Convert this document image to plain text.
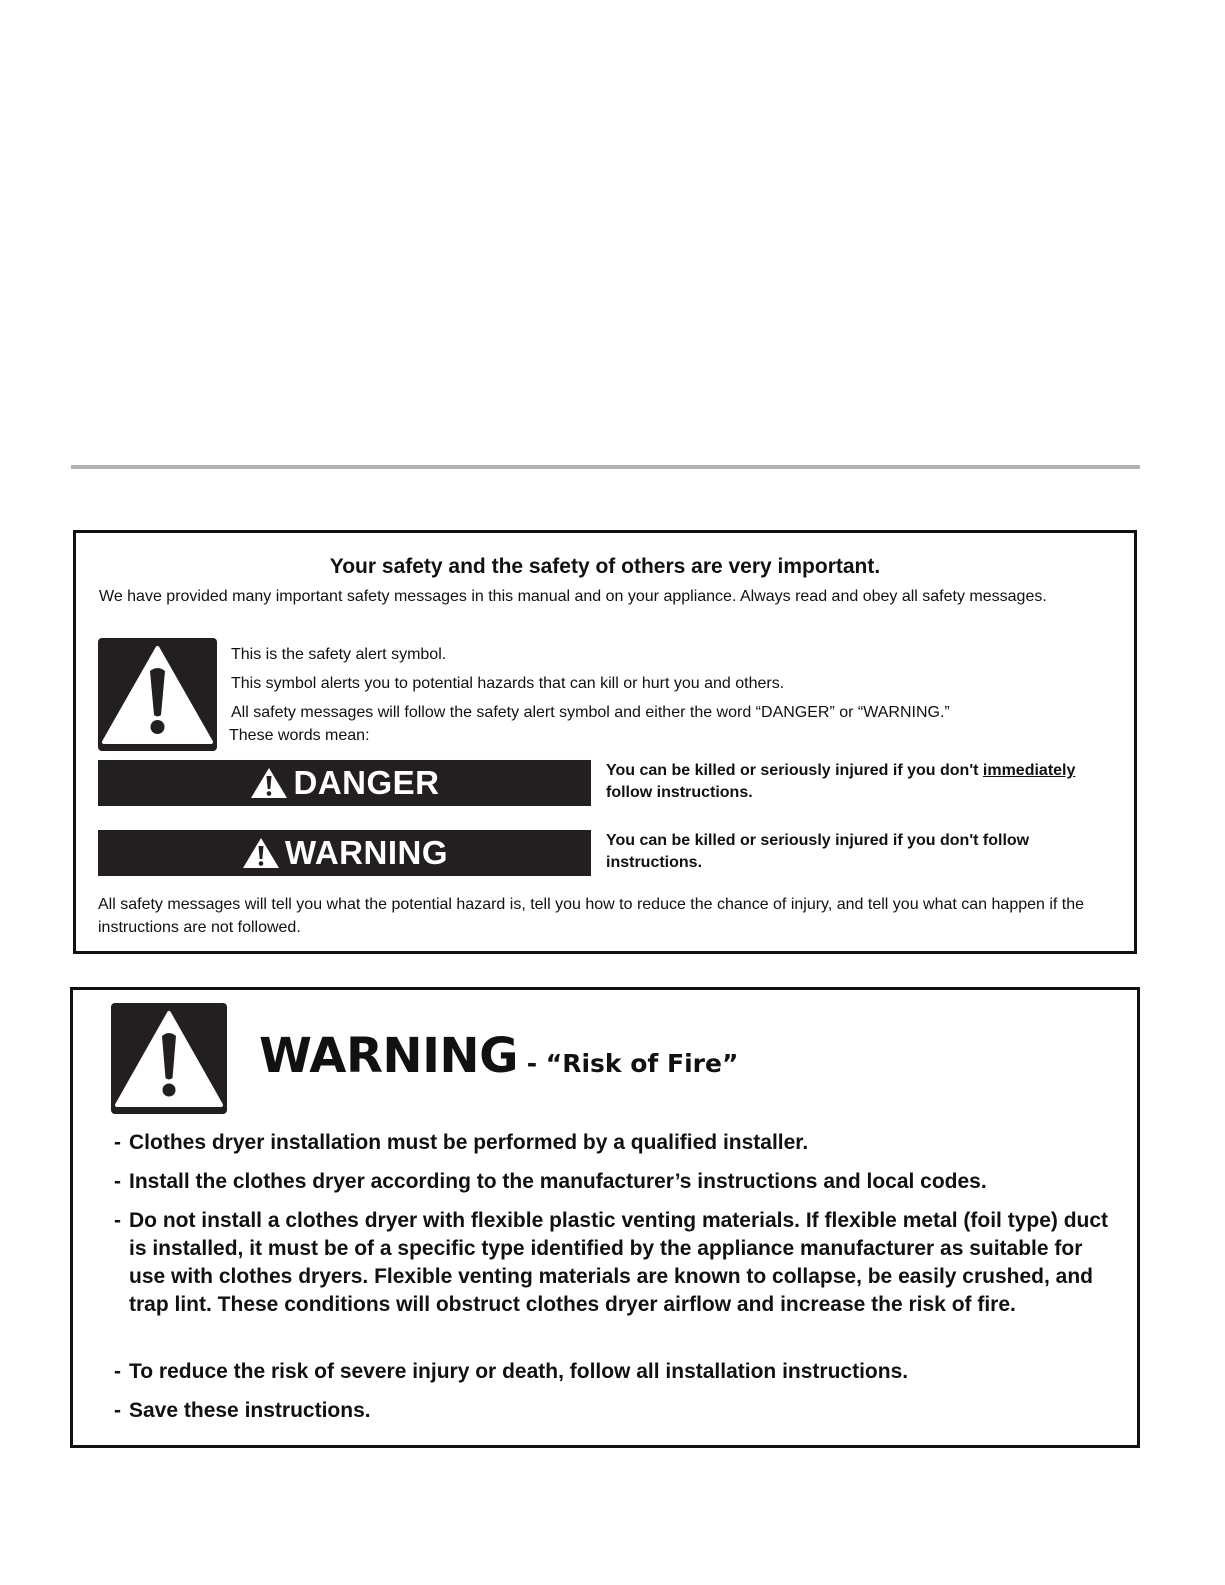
Your safety and the safety of others are very important.
We have provided many important safety messages in this manual and on your appliance. Always read and obey all safety messages.
This is the safety alert symbol.
This symbol alerts you to potential hazards that can kill or hurt you and others.
All safety messages will follow the safety alert symbol and either the word “DANGER” or “WARNING.”
These words mean:
DANGER	You can be killed or seriously injured if you don't immediately follow instructions.
WARNING	You can be killed or seriously injured if you don't follow instructions.
All safety messages will tell you what the potential hazard is, tell you how to reduce the chance of injury, and tell you what can happen if the instructions are not followed.
WARNING - “Risk of Fire”
- Clothes dryer installation must be performed by a qualified installer.
- Install the clothes dryer according to the manufacturer’s instructions and local codes.
- Do not install a clothes dryer with flexible plastic venting materials. If flexible metal (foil type) duct is installed, it must be of a specific type identified by the appliance manufacturer as suitable for use with clothes dryers. Flexible venting materials are known to collapse, be easily crushed, and trap lint. These conditions will obstruct clothes dryer airflow and increase the risk of fire.
- To reduce the risk of severe injury or death, follow all installation instructions.
- Save these instructions.
